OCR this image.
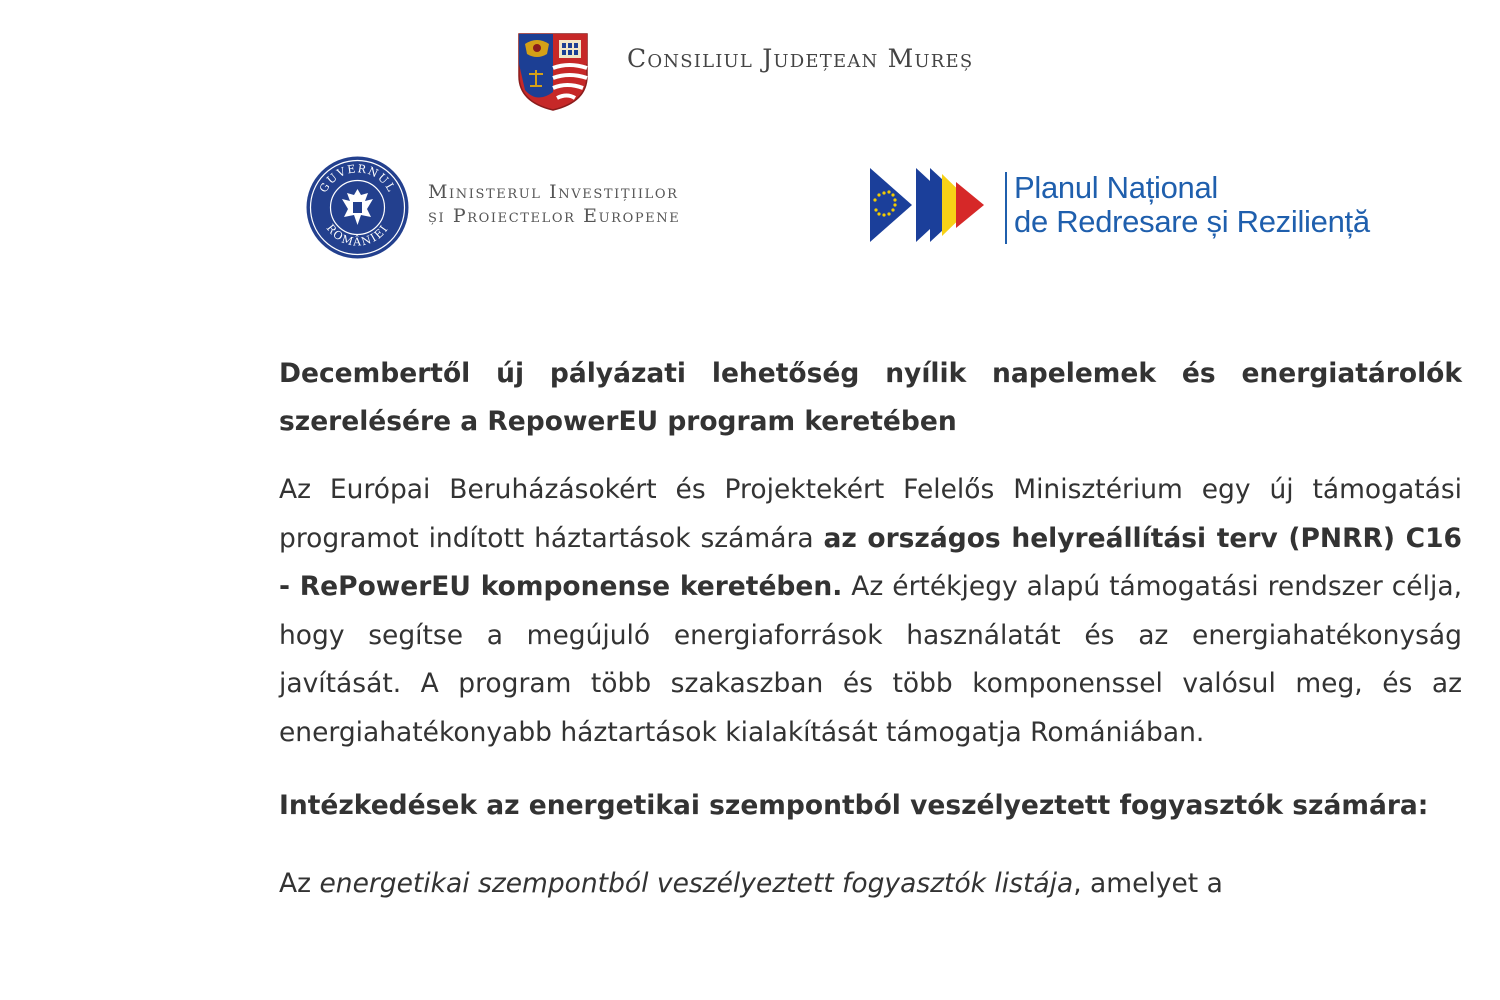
Consiliul Județean Mureș
GUVERNUL
ROMÂNIEI
Ministerul Investițiilor
și Proiectelor Europene
Planul Național
de Redresare și Reziliență

Decembertől új pályázati lehetőség nyílik napelemek és energiatárolók szerelésére a RepowerEU program keretében

Az Európai Beruházásokért és Projektekért Felelős Minisztérium egy új támogatási programot indított háztartások számára az országos helyreállítási terv (PNRR) C16 - RePowerEU komponense keretében. Az értékjegy alapú támogatási rendszer célja, hogy segítse a megújuló energiaforrások használatát és az energiahatékonyság javítását. A program több szakaszban és több komponenssel valósul meg, és az energiahatékonyabb háztartások kialakítását támogatja Romániában.

Intézkedések az energetikai szempontból veszélyeztett fogyasztók számára:

Az energetikai szempontból veszélyeztett fogyasztók listája, amelyet a
